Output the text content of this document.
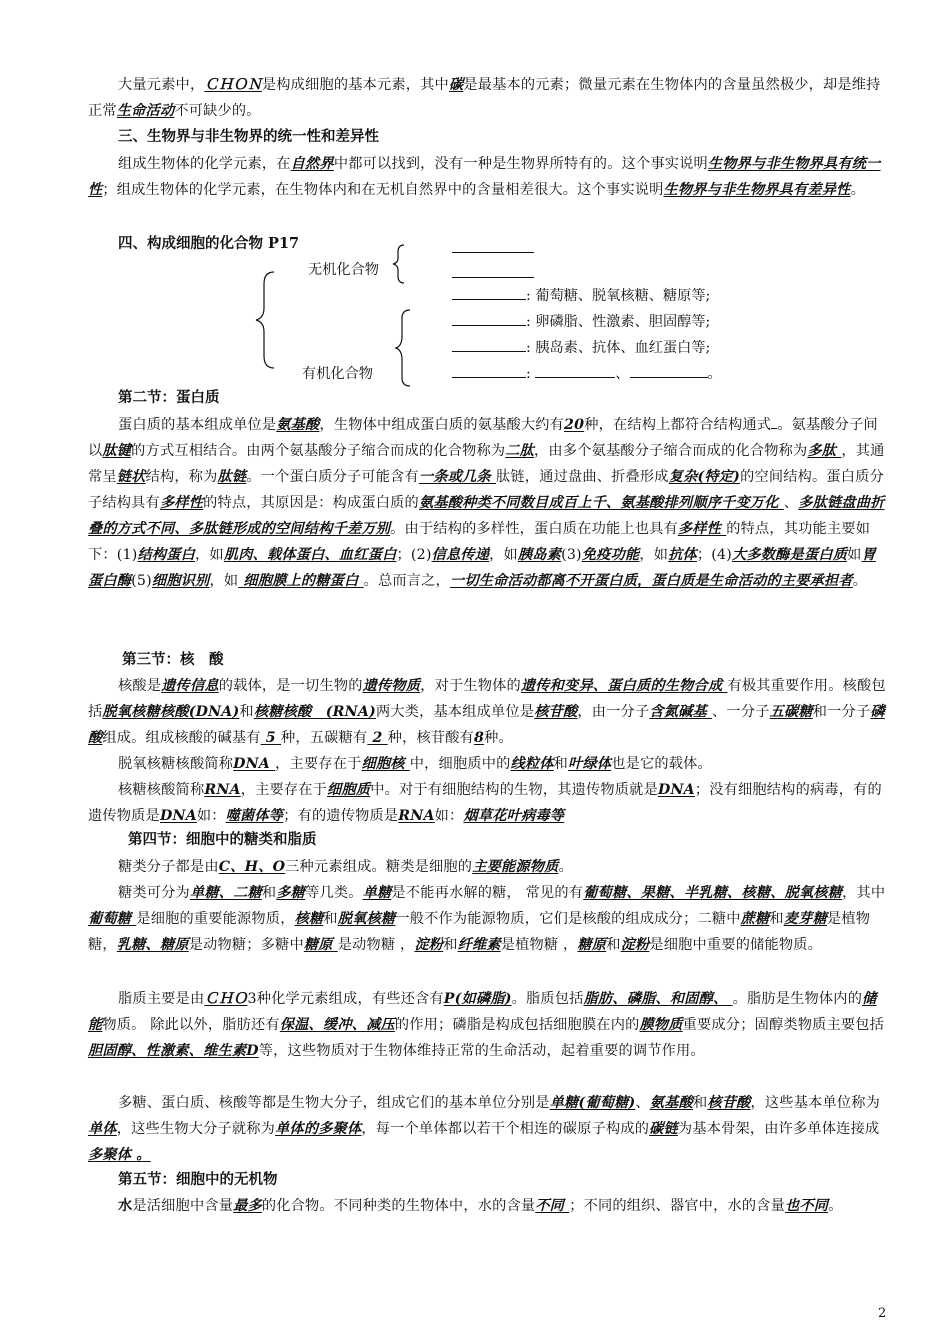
大量元素中，ＣＨＯＮ是构成细胞的基本元素，其中碳是最基本的元素；微量元素在生物体内的含量虽然极少，却是维持正常生命活动不可缺少的。
三、生物界与非生物界的统一性和差异性
组成生物体的化学元素，在自然界中都可以找到，没有一种是生物界所特有的。这个事实说明生物界与非生物界具有统一性；组成生物体的化学元素，在生物体内和在无机自然界中的含量相差很大。这个事实说明生物界与非生物界具有差异性。
四、构成细胞的化合物 P17
无机化合物
有机化合物
: 葡萄糖、脱氧核糖、糖原等;
: 卵磷脂、性激素、胆固醇等;
: 胰岛素、抗体、血红蛋白等;
:	、	。
第二节：蛋白质
蛋白质的基本组成单位是氨基酸，生物体中组成蛋白质的氨基酸大约有20种，在结构上都符合结构通式 。氨基酸分子间以肽键的方式互相结合。由两个氨基酸分子缩合而成的化合物称为二肽，由多个氨基酸分子缩合而成的化合物称为多肽 ，其通常呈链状结构，称为肽链。一个蛋白质分子可能含有一条或几条 肽链，通过盘曲、折叠形成复杂(特定)的空间结构。蛋白质分子结构具有多样性的特点，其原因是：构成蛋白质的氨基酸种类不同数目成百上千、氨基酸排列顺序千变万化 、多肽链盘曲折叠的方式不同、多肽链形成的空间结构千差万别。由于结构的多样性，蛋白质在功能上也具有多样性 的特点，其功能主要如下：(1)结构蛋白，如肌肉、载体蛋白、血红蛋白；(2)信息传递，如胰岛素(3)免疫功能，如抗体；(4)大多数酶是蛋白质如胃蛋白酶(5)细胞识别，如 细胞膜上的糖蛋白 。总而言之，一切生命活动都离不开蛋白质，蛋白质是生命活动的主要承担者。
第三节：核　酸
核酸是遗传信息的载体，是一切生物的遗传物质，对于生物体的遗传和变异、蛋白质的生物合成 有极其重要作用。核酸包括脱氧核糖核酸(DNA)和核糖核酸　(RNA)两大类，基本组成单位是核苷酸，由一分子含氮碱基 、一分子五碳糖和一分子磷酸组成。组成核酸的碱基有 5 种，五碳糖有 2 种，核苷酸有8种。
脱氧核糖核酸简称DNA ，主要存在于细胞核 中，细胞质中的线粒体和叶绿体也是它的载体。
核糖核酸简称RNA，主要存在于细胞质中。对于有细胞结构的生物，其遗传物质就是DNA；没有细胞结构的病毒，有的遗传物质是DNA如：噬菌体等；有的遗传物质是RNA如：烟草花叶病毒等
第四节：细胞中的糖类和脂质
糖类分子都是由C、H、O三种元素组成。糖类是细胞的主要能源物质。
糖类可分为单糖、二糖和多糖等几类。单糖是不能再水解的糖， 常见的有葡萄糖、果糖、半乳糖、核糖、脱氧核糖，其中葡萄糖 是细胞的重要能源物质，核糖和脱氧核糖一般不作为能源物质，它们是核酸的组成成分；二糖中蔗糖和麦芽糖是植物糖，乳糖、糖原是动物糖；多糖中糖原 是动物糖 ，淀粉和纤维素是植物糖 ，糖原和淀粉是细胞中重要的储能物质。
脂质主要是由ＣＨＯ3种化学元素组成，有些还含有P(如磷脂)。脂质包括脂肪、磷脂、和固醇、 。脂肪是生物体内的储能物质。 除此以外，脂肪还有保温、缓冲、减压的作用；磷脂是构成包括细胞膜在内的膜物质重要成分；固醇类物质主要包括胆固醇、性激素、维生素D等，这些物质对于生物体维持正常的生命活动，起着重要的调节作用。
多糖、蛋白质、核酸等都是生物大分子，组成它们的基本单位分别是单糖(葡萄糖)、氨基酸和核苷酸，这些基本单位称为单体，这些生物大分子就称为单体的多聚体，每一个单体都以若干个相连的碳原子构成的碳链为基本骨架，由许多单体连接成多聚体 。
第五节：细胞中的无机物
水是活细胞中含量最多的化合物。不同种类的生物体中，水的含量不同 ；不同的组织、器官中，水的含量也不同。
2
